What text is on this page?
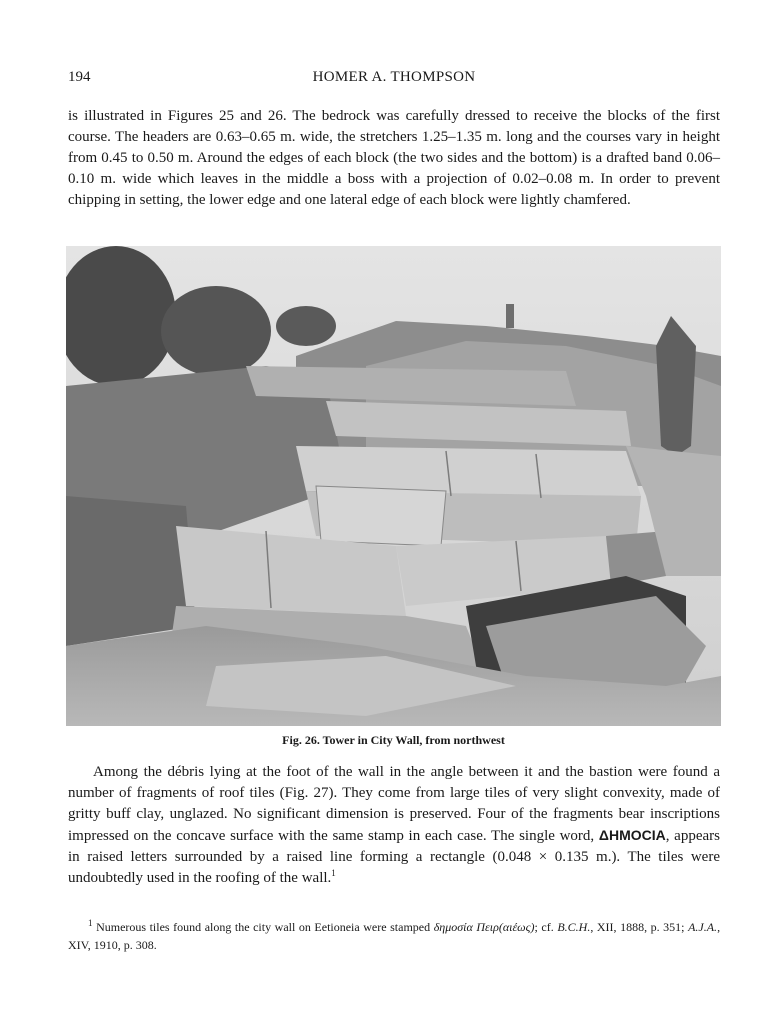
194	HOMER A. THOMPSON

is illustrated in Figures 25 and 26. The bedrock was carefully dressed to receive the blocks of the first course. The headers are 0.63–0.65 m. wide, the stretchers 1.25–1.35 m. long and the courses vary in height from 0.45 to 0.50 m. Around the edges of each block (the two sides and the bottom) is a drafted band 0.06–0.10 m. wide which leaves in the middle a boss with a projection of 0.02–0.08 m. In order to prevent chipping in setting, the lower edge and one lateral edge of each block were lightly chamfered.

Fig. 26. Tower in City Wall, from northwest

Among the débris lying at the foot of the wall in the angle between it and the bastion were found a number of fragments of roof tiles (Fig. 27). They come from large tiles of very slight convexity, made of gritty buff clay, unglazed. No significant dimension is preserved. Four of the fragments bear inscriptions impressed on the concave surface with the same stamp in each case. The single word, ΔΗΜΟCΙΑ, appears in raised letters surrounded by a raised line forming a rectangle (0.048 × 0.135 m.). The tiles were undoubtedly used in the roofing of the wall.$^1$

$^1$ Numerous tiles found along the city wall on Eetioneia were stamped δημοσία Πειρ(αιέως); cf. B.C.H., XII, 1888, p. 351; A.J.A., XIV, 1910, p. 308.
